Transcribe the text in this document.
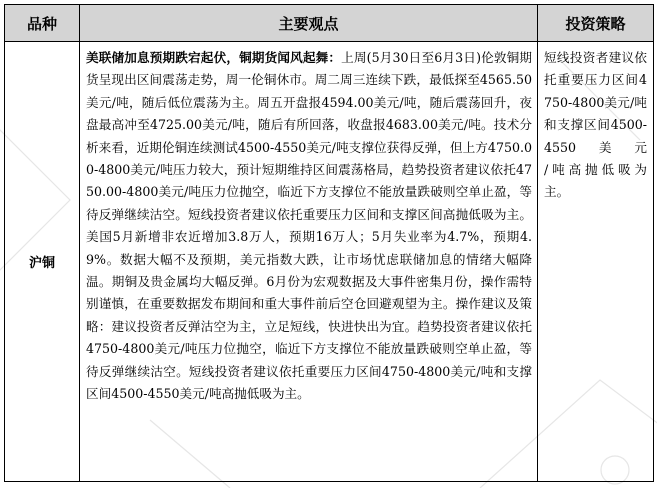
品种	主要观点	投资策略
沪铜	美联储加息预期跌宕起伏，铜期货闻风起舞：上周(5月30日至6月3日)伦敦铜期货呈现出区间震荡走势，周一伦铜休市。周二周三连续下跌，最低探至4565.50美元/吨，随后低位震荡为主。周五开盘报4594.00美元/吨，随后震荡回升，夜盘最高冲至4725.00美元/吨，随后有所回落，收盘报4683.00美元/吨。技术分析来看，近期伦铜连续测试4500-4550美元/吨支撑位获得反弹，但上方4750.00-4800美元/吨压力较大，预计短期维持区间震荡格局，趋势投资者建议依托4750.00-4800美元/吨压力位抛空，临近下方支撑位不能放量跌破则空单止盈，等待反弹继续沽空。短线投资者建议依托重要压力区间和支撑区间高抛低吸为主。美国5月新增非农近增加3.8万人，预期16万人；5月失业率为4.7%，预期4.9%。数据大幅不及预期，美元指数大跌，让市场忧虑联储加息的情绪大幅降温。期铜及贵金属均大幅反弹。6月份为宏观数据及大事件密集月份，操作需特别谨慎，在重要数据发布期间和重大事件前后空仓回避观望为主。操作建议及策略：建议投资者反弹沽空为主，立足短线，快进快出为宜。趋势投资者建议依托4750-4800美元/吨压力位抛空，临近下方支撑位不能放量跌破则空单止盈，等待反弹继续沽空。短线投资者建议依托重要压力区间4750-4800美元/吨和支撑区间4500-4550美元/吨高抛低吸为主。	短线投资者建议依托重要压力区间4750-4800美元/吨和支撑区间4500-4550美元
/吨高抛低吸为主。
